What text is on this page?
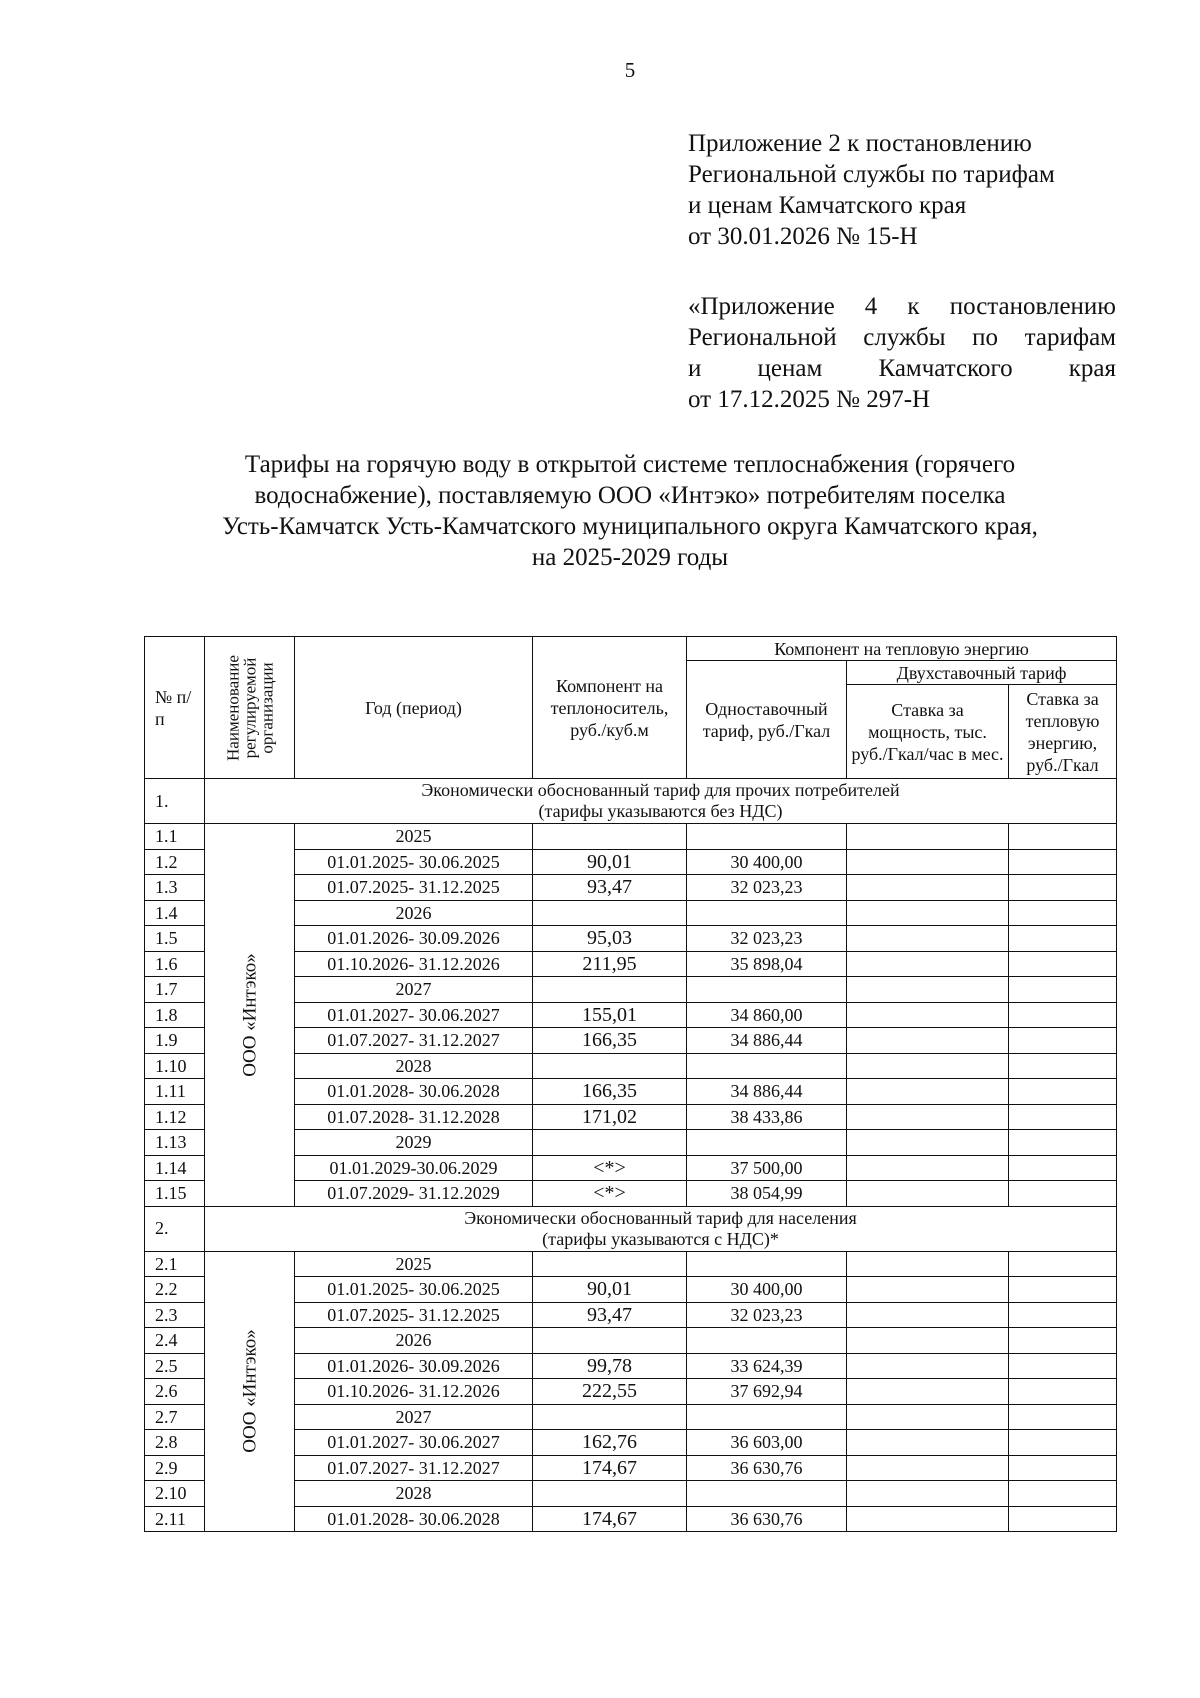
5
Приложение 2 к постановлению
Региональной службы по тарифам
и ценам Камчатского края
от 30.01.2026 № 15-Н
«Приложение 4 к постановлению
Региональной службы по тарифам
и ценам Камчатского края
от 17.12.2025 № 297-Н
Тарифы на горячую воду в открытой системе теплоснабжения (горячего
водоснабжение), поставляемую ООО «Интэко» потребителям поселка
Усть-Камчатск Усть-Камчатского муниципального округа Камчатского края,
на 2025-2029 годы
№ п/п	Наименование регулируемой организации	Год (период)	Компонент на теплоноситель, руб./куб.м	Компонент на тепловую энергию		
				Одноставочный тариф, руб./Гкал	Двухставочный тариф	
					Ставка за мощность, тыс. руб./Гкал/час в мес.	Ставка за тепловую энергию, руб./Гкал
1.	Экономически обоснованный тариф для прочих потребителей
(тарифы указываются без НДС)					

1.1	ООО «Интэко»	2025				
1.2		01.01.2025- 30.06.2025	90,01	30 400,00		
1.3		01.07.2025- 31.12.2025	93,47	32 023,23		
1.4		2026				
1.5		01.01.2026- 30.09.2026	95,03	32 023,23		
1.6		01.10.2026- 31.12.2026	211,95	35 898,04		
1.7		2027				
1.8		01.01.2027- 30.06.2027	155,01	34 860,00		
1.9		01.07.2027- 31.12.2027	166,35	34 886,44		
1.10		2028				
1.11		01.01.2028- 30.06.2028	166,35	34 886,44		
1.12		01.07.2028- 31.12.2028	171,02	38 433,86		
1.13		2029				
1.14		01.01.2029-30.06.2029	<*>	37 500,00		
1.15		01.07.2029- 31.12.2029	<*>	38 054,99		
2.	Экономически обоснованный тариф для населения
(тарифы указываются с НДС)*					

2.1	ООО «Интэко»	2025				
2.2		01.01.2025- 30.06.2025	90,01	30 400,00		
2.3		01.07.2025- 31.12.2025	93,47	32 023,23		
2.4		2026				
2.5		01.01.2026- 30.09.2026	99,78	33 624,39		
2.6		01.10.2026- 31.12.2026	222,55	37 692,94		
2.7		2027				
2.8		01.01.2027- 30.06.2027	162,76	36 603,00		
2.9		01.07.2027- 31.12.2027	174,67	36 630,76		
2.10		2028				
2.11		01.01.2028- 30.06.2028	174,67	36 630,76		
